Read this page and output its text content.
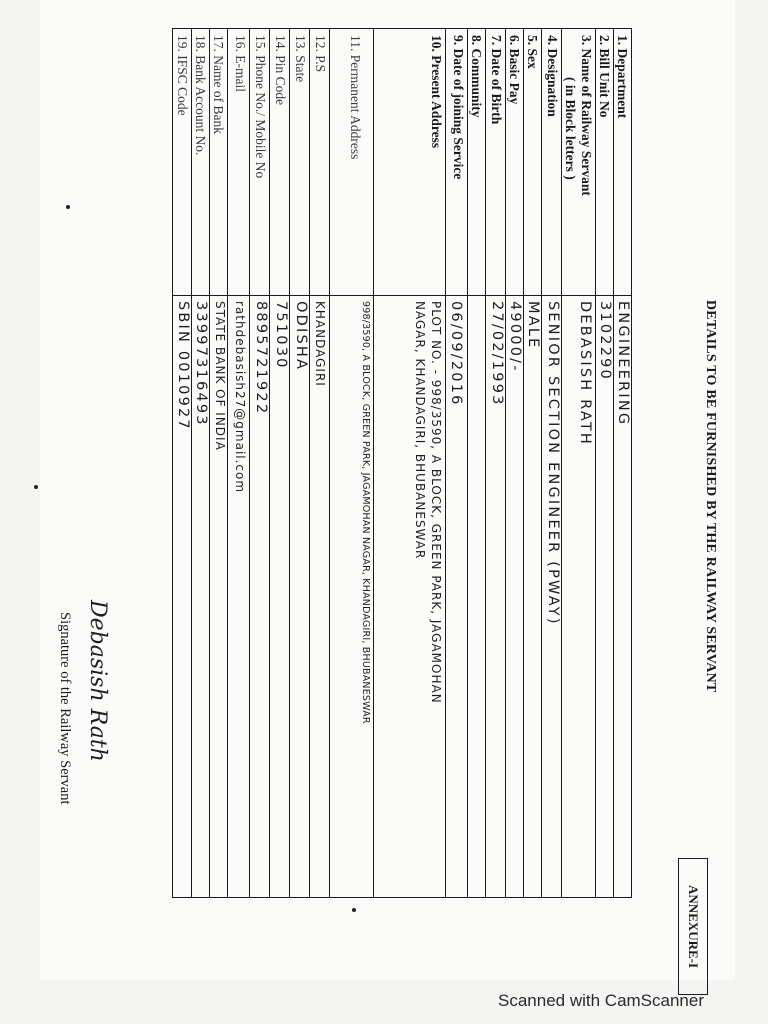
DETAILS TO BE FURNISHED BY THE RAILWAY SERVANT
ANNEXURE-I
1. Department
ENGINEERING
2. Bill Unit No
3102290
3. Name of Railway Servant
( in Block letters )
DEBASISH RATH
4. Designation
SENIOR SECTION ENGINEER (PWAY)
5. Sex
MALE
6. Basic Pay
49000/-
7. Date of Birth
27/02/1993
8. Community
9. Date of joining Service
06/09/2016
10. Present Address
PLOT NO. - 998/3590, A BLOCK, GREEN PARK, JAGAMOHAN
NAGAR, KHANDAGIRI, BHUBANESWAR
11. Permanent Address
998/3590, A BLOCK, GREEN PARK, JAGAMOHAN NAGAR, KHANDAGIRI, BHUBANESWAR
12. P.S
KHANDAGIRI
13. State
ODISHA
14. Pin Code
751030
15. Phone No./ Mobile No
8895721922
16. E-mail
rathdebasish27@gmail.com
17. Name of Bank
STATE BANK OF INDIA
18. Bank Account No.
33997316493
19. IFSC Code
SBIN 0010927
Debasish Rath
Signature of the Railway Servant
Scanned with CamScanner
